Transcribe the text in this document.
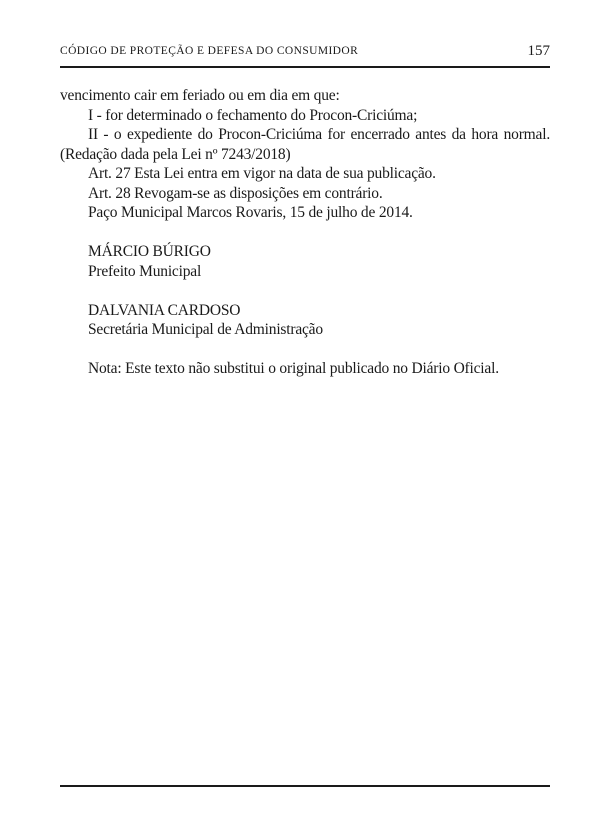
CÓDIGO DE PROTEÇÃO E DEFESA DO CONSUMIDOR	157

vencimento cair em feriado ou em dia em que:

I - for determinado o fechamento do Procon-Criciúma;

II - o expediente do Procon-Criciúma for encerrado antes da hora normal. (Redação dada pela Lei nº 7243/2018)

Art. 27 Esta Lei entra em vigor na data de sua publicação.

Art. 28 Revogam-se as disposições em contrário.

Paço Municipal Marcos Rovaris, 15 de julho de 2014.

MÁRCIO BÚRIGO

Prefeito Municipal

DALVANIA CARDOSO

Secretária Municipal de Administração

Nota: Este texto não substitui o original publicado no Diário Oficial.
